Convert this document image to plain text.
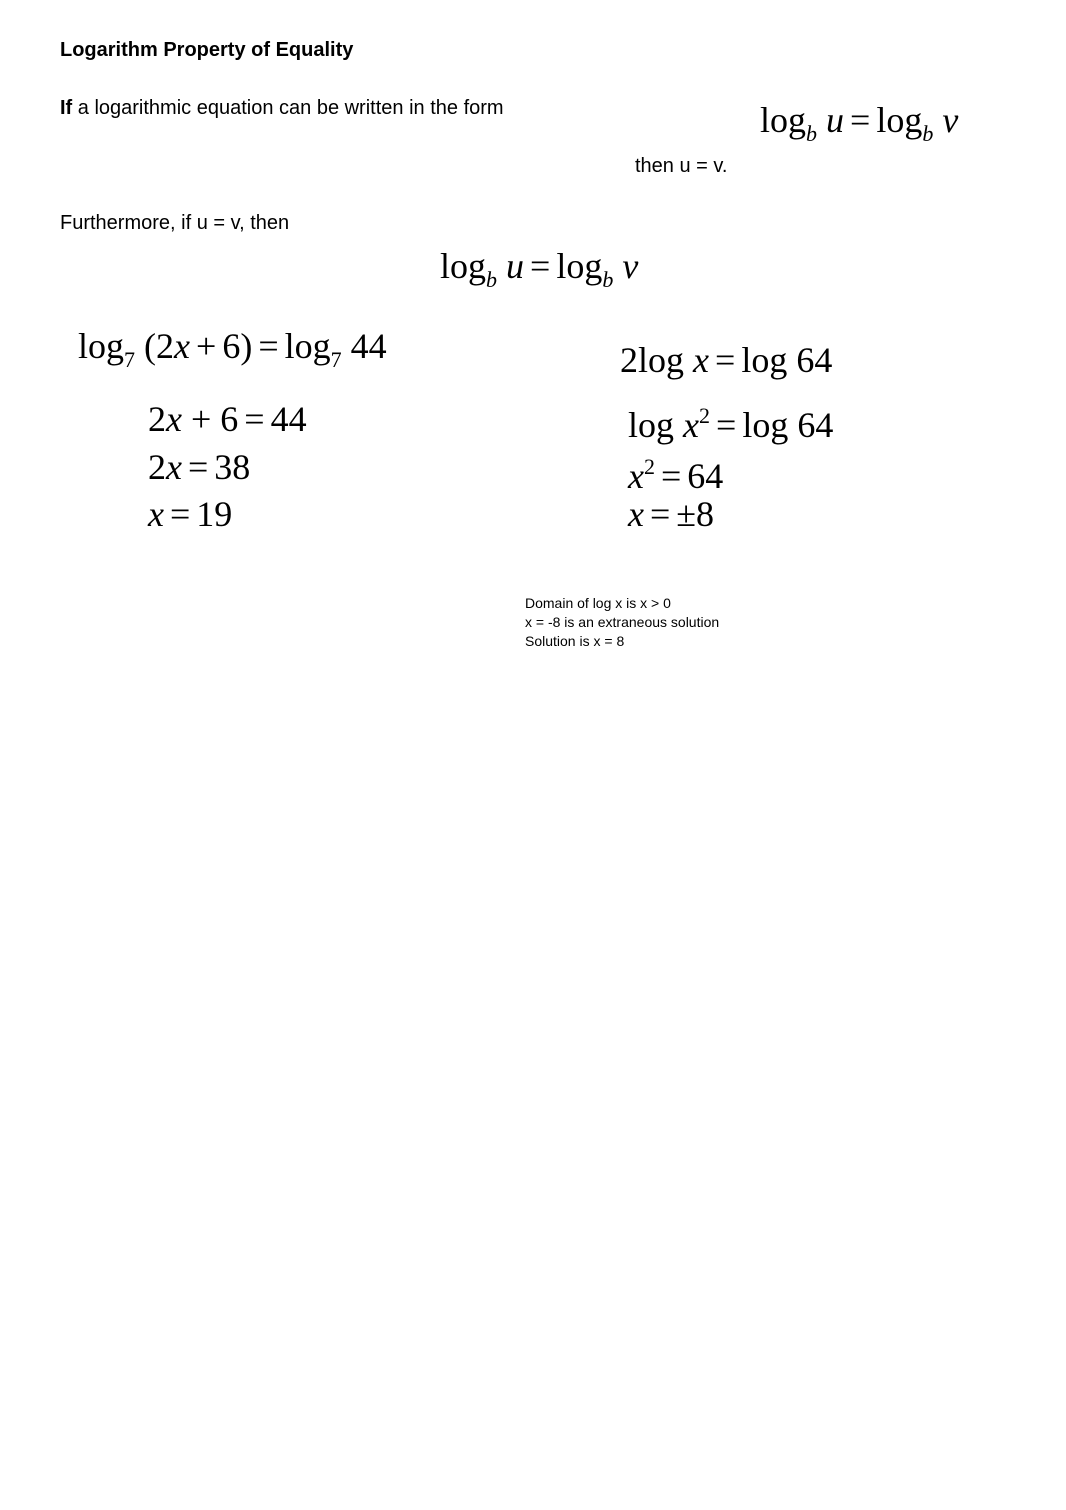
Logarithm Property of Equality
If a logarithmic equation can be written in the form	$\log_b u = \log_b v$
then u = v.
Furthermore, if u = v, then
$\log_b u = \log_b v$
$\log_7 (2x + 6) = \log_7 44$
2x + 6 = 44
2x = 38
x = 19
2log x = log 64
$\log x^2 = \log 64$
$x^2 = 64$
x = ±8
Domain of log x is x > 0
x = -8 is an extraneous solution
Solution is x = 8
